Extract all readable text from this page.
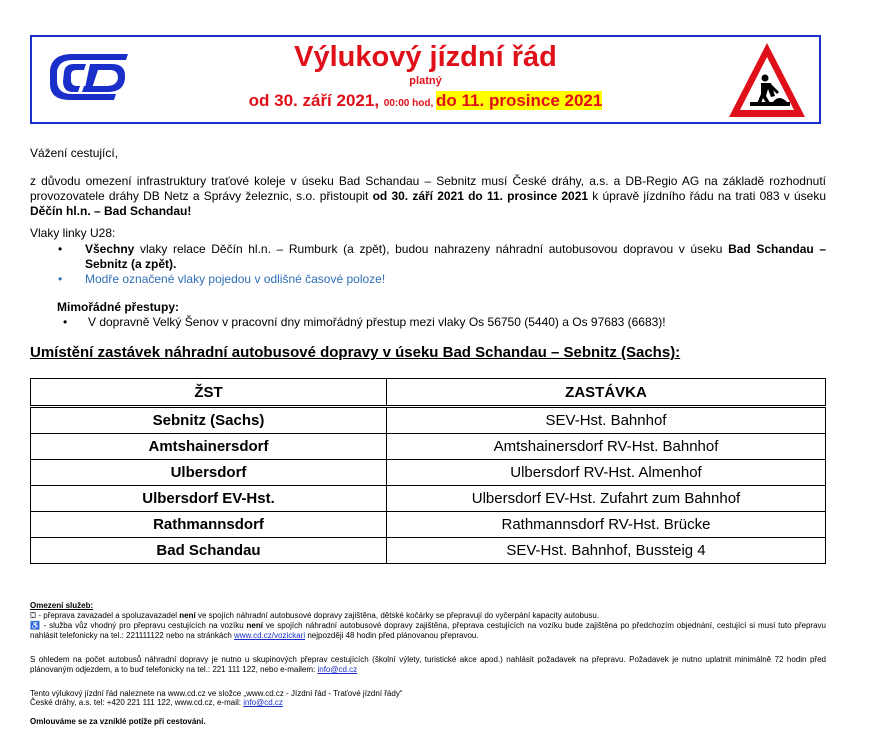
Výlukový jízdní řád
platný
od 30. září 2021, 00:00 hod, do 11. prosince 2021
Vážení cestující,
z důvodu omezení infrastruktury traťové koleje v úseku Bad Schandau – Sebnitz musí České dráhy, a.s. a DB-Regio AG na základě rozhodnutí provozovatele dráhy DB Netz a Správy železnic, s.o. přistoupit od 30. září 2021 do 11. prosince 2021 k úpravě jízdního řádu na trati 083 v úseku Děčín hl.n. – Bad Schandau!
Vlaky linky U28:
• Všechny vlaky relace Děčín hl.n. – Rumburk (a zpět), budou nahrazeny náhradní autobusovou dopravou v úseku Bad Schandau – Sebnitz (a zpět).
• Modře označené vlaky pojedou v odlišné časové poloze!
Mimořádné přestupy:
• V dopravně Velký Šenov v pracovní dny mimořádný přestup mezi vlaky Os 56750 (5440) a Os 97683 (6683)!
Umístění zastávek náhradní autobusové dopravy v úseku Bad Schandau – Sebnitz (Sachs):
ŽST	ZASTÁVKA
Sebnitz (Sachs)	SEV-Hst. Bahnhof
Amtshainersdorf	Amtshainersdorf RV-Hst. Bahnhof
Ulbersdorf	Ulbersdorf RV-Hst. Almenhof
Ulbersdorf EV-Hst.	Ulbersdorf EV-Hst. Zufahrt zum Bahnhof
Rathmannsdorf	Rathmannsdorf RV-Hst. Brücke
Bad Schandau	SEV-Hst. Bahnhof, Bussteig 4
Omezení služeb:
⛋ - přeprava zavazadel a spoluzavazadel není ve spojích náhradní autobusové dopravy zajištěna, dětské kočárky se přepravují do vyčerpání kapacity autobusu.
♿ - služba vůz vhodný pro přepravu cestujících na vozíku není ve spojích náhradní autobusové dopravy zajištěna, přeprava cestujících na vozíku bude zajištěna po předchozím objednání, cestující si musí tuto přepravu nahlásit telefonicky na tel.: 221111122 nebo na stránkách www.cd.cz/vozickari nejpozději 48 hodin před plánovanou přepravou.
S ohledem na počet autobusů náhradní dopravy je nutno u skupinových přeprav cestujících (školní výlety, turistické akce apod.) nahlásit požadavek na přepravu. Požadavek je nutno uplatnit minimálně 72 hodin před plánovaným odjezdem, a to buď telefonicky na tel.: 221 111 122, nebo e-mailem: info@cd.cz
Tento výlukový jízdní řád naleznete na www.cd.cz ve složce „www.cd.cz - Jízdní řád - Traťové jízdní řády“
České dráhy, a.s. tel: +420 221 111 122, www.cd.cz, e-mail: info@cd.cz
Omlouváme se za vzniklé potíže při cestování.
